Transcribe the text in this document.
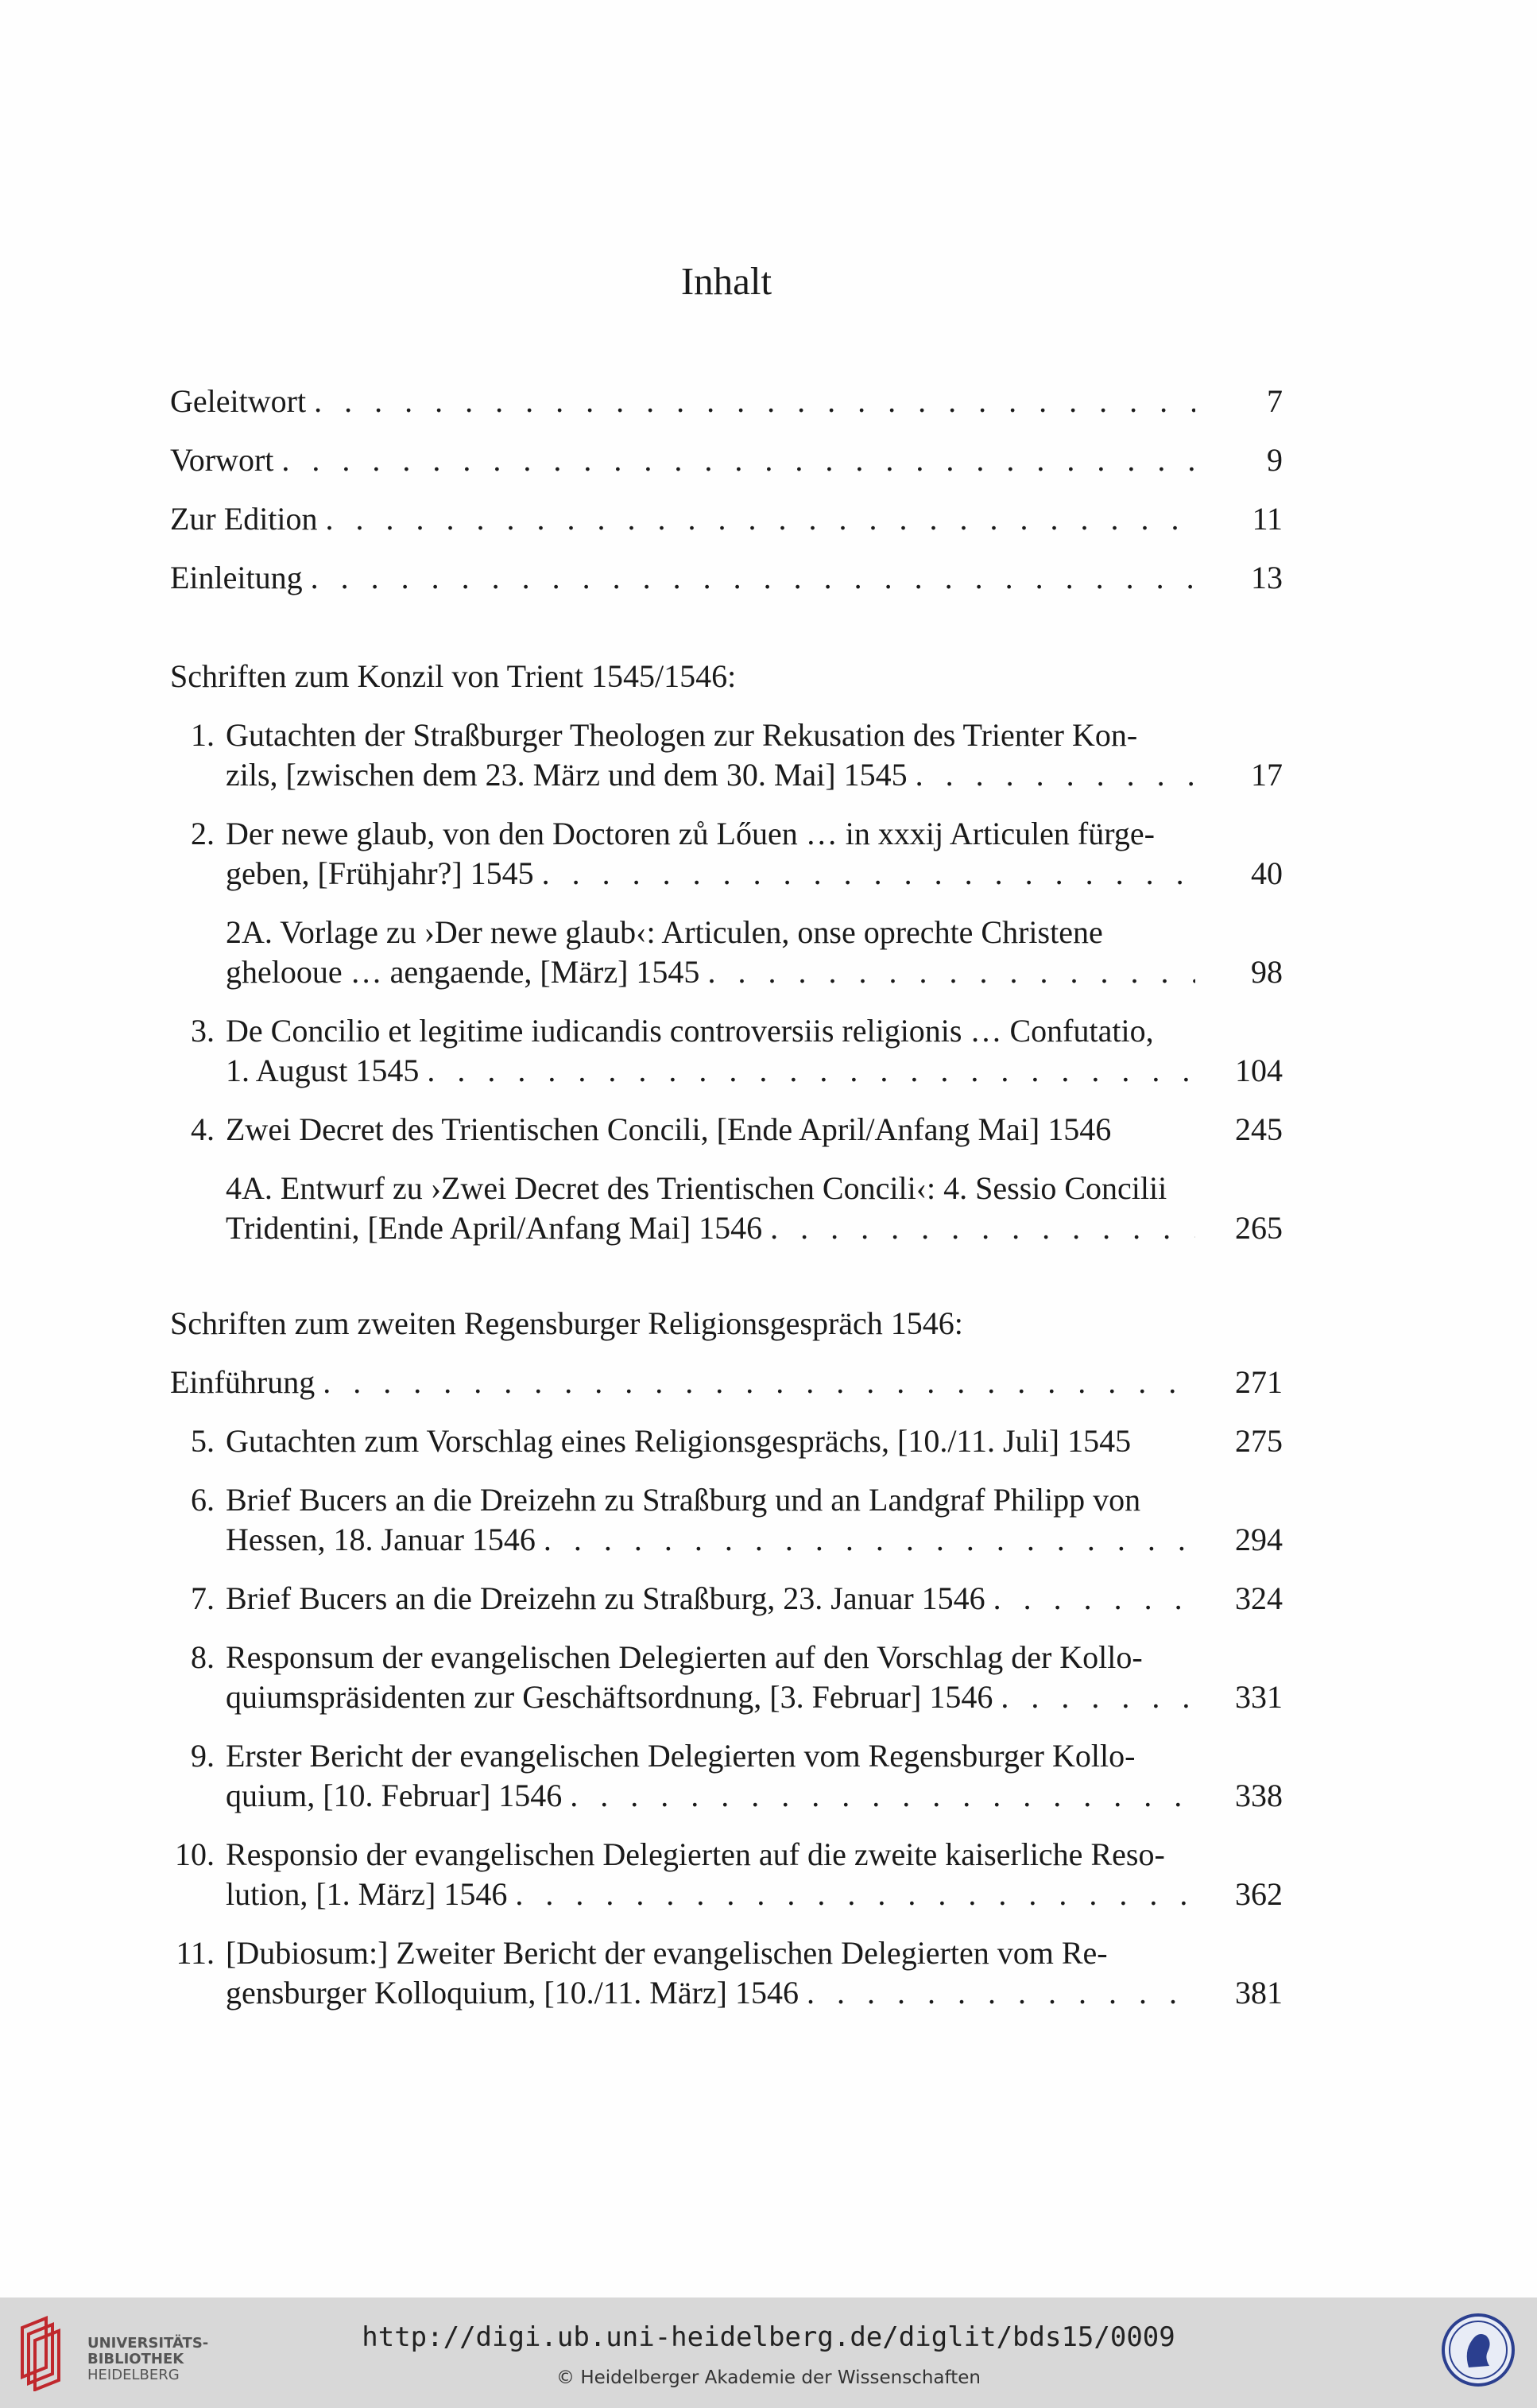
Inhalt
Geleitwort . . .	7
Vorwort . . .	9
Zur Edition . . .	11
Einleitung . . .	13
Schriften zum Konzil von Trient 1545/1546:
1. Gutachten der Straßburger Theologen zur Rekusation des Trienter Kon-
zils, [zwischen dem 23. März und dem 30. Mai] 1545 . . .	17
2. Der newe glaub, von den Doctoren zů Lőuen … in xxxij Articulen fürge-
geben, [Frühjahr?] 1545 . . .	40
2A. Vorlage zu ›Der newe glaub‹: Articulen, onse oprechte Christene
ghelooue … aengaende, [März] 1545 . . .	98
3. De Concilio et legitime iudicandis controversiis religionis … Confutatio,
1. August 1545 . . .	104
4. Zwei Decret des Trientischen Concili, [Ende April/Anfang Mai] 1546	245
4A. Entwurf zu ›Zwei Decret des Trientischen Concili‹: 4. Sessio Concilii
Tridentini, [Ende April/Anfang Mai] 1546 . . .	265
Schriften zum zweiten Regensburger Religionsgespräch 1546:
Einführung . . .	271
5. Gutachten zum Vorschlag eines Religionsgesprächs, [10./11. Juli] 1545	275
6. Brief Bucers an die Dreizehn zu Straßburg und an Landgraf Philipp von
Hessen, 18. Januar 1546 . . .	294
7. Brief Bucers an die Dreizehn zu Straßburg, 23. Januar 1546 . . .	324
8. Responsum der evangelischen Delegierten auf den Vorschlag der Kollo-
quiumspräsidenten zur Geschäftsordnung, [3. Februar] 1546 . . .	331
9. Erster Bericht der evangelischen Delegierten vom Regensburger Kollo-
quium, [10. Februar] 1546 . . .	338
10. Responsio der evangelischen Delegierten auf die zweite kaiserliche Reso-
lution, [1. März] 1546 . . .	362
11. [Dubiosum:] Zweiter Bericht der evangelischen Delegierten vom Re-
gensburger Kolloquium, [10./11. März] 1546 . . .	381
UNIVERSITÄTS-
BIBLIOTHEK
HEIDELBERG
http://digi.ub.uni-heidelberg.de/diglit/bds15/0009
© Heidelberger Akademie der Wissenschaften
